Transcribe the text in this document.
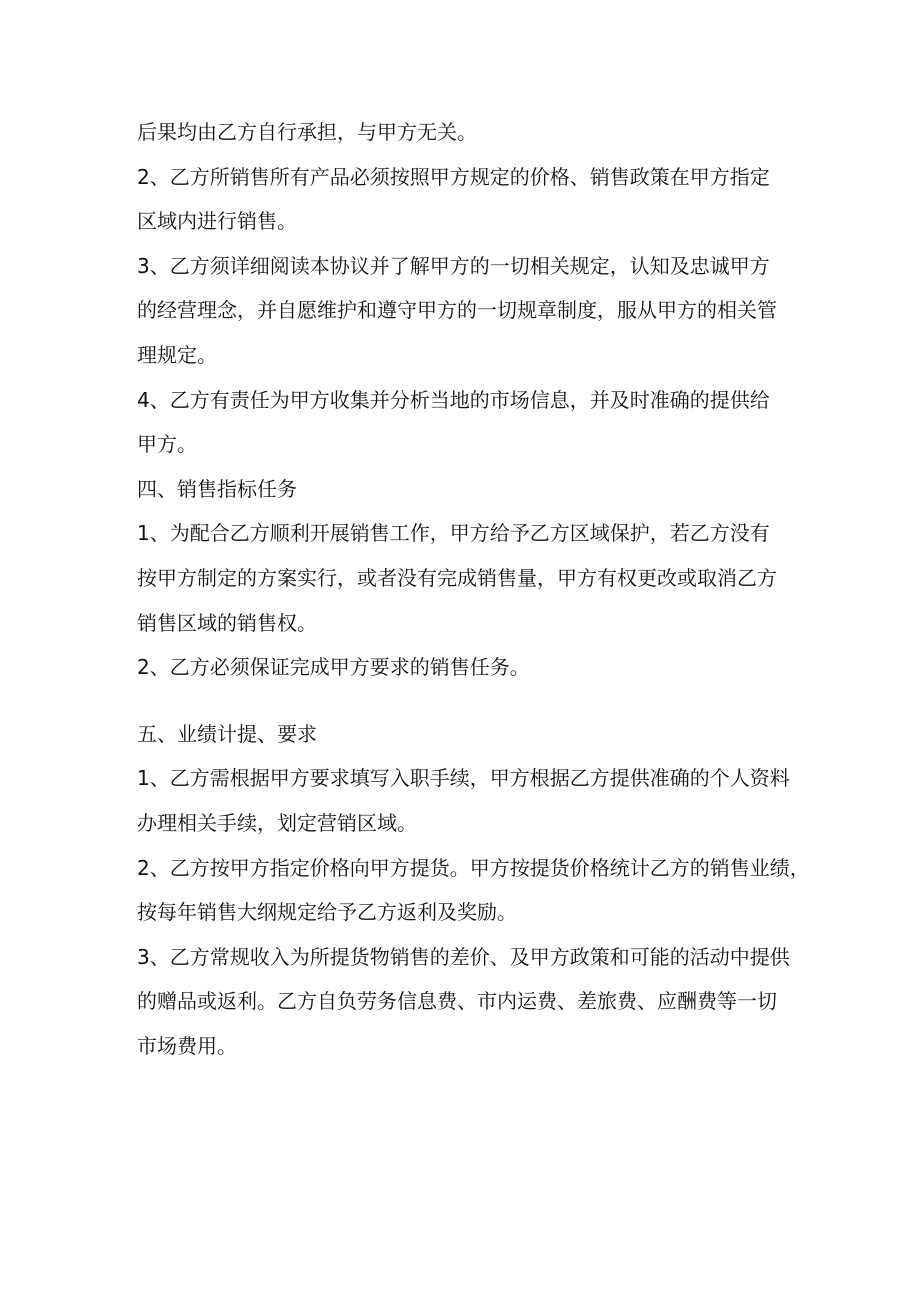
后果均由乙方自行承担，与甲方无关。

2、乙方所销售所有产品必须按照甲方规定的价格、销售政策在甲方指定
区域内进行销售。

3、乙方须详细阅读本协议并了解甲方的一切相关规定，认知及忠诚甲方
的经营理念，并自愿维护和遵守甲方的一切规章制度，服从甲方的相关管
理规定。

4、乙方有责任为甲方收集并分析当地的市场信息，并及时准确的提供给
甲方。

四、销售指标任务

1、为配合乙方顺利开展销售工作，甲方给予乙方区域保护，若乙方没有
按甲方制定的方案实行，或者没有完成销售量，甲方有权更改或取消乙方
销售区域的销售权。

2、乙方必须保证完成甲方要求的销售任务。

五、业绩计提、要求

1、乙方需根据甲方要求填写入职手续，甲方根据乙方提供准确的个人资料
办理相关手续，划定营销区域。

2、乙方按甲方指定价格向甲方提货。甲方按提货价格统计乙方的销售业绩，
按每年销售大纲规定给予乙方返利及奖励。

3、乙方常规收入为所提货物销售的差价、及甲方政策和可能的活动中提供
的赠品或返利。乙方自负劳务信息费、市内运费、差旅费、应酬费等一切
市场费用。
